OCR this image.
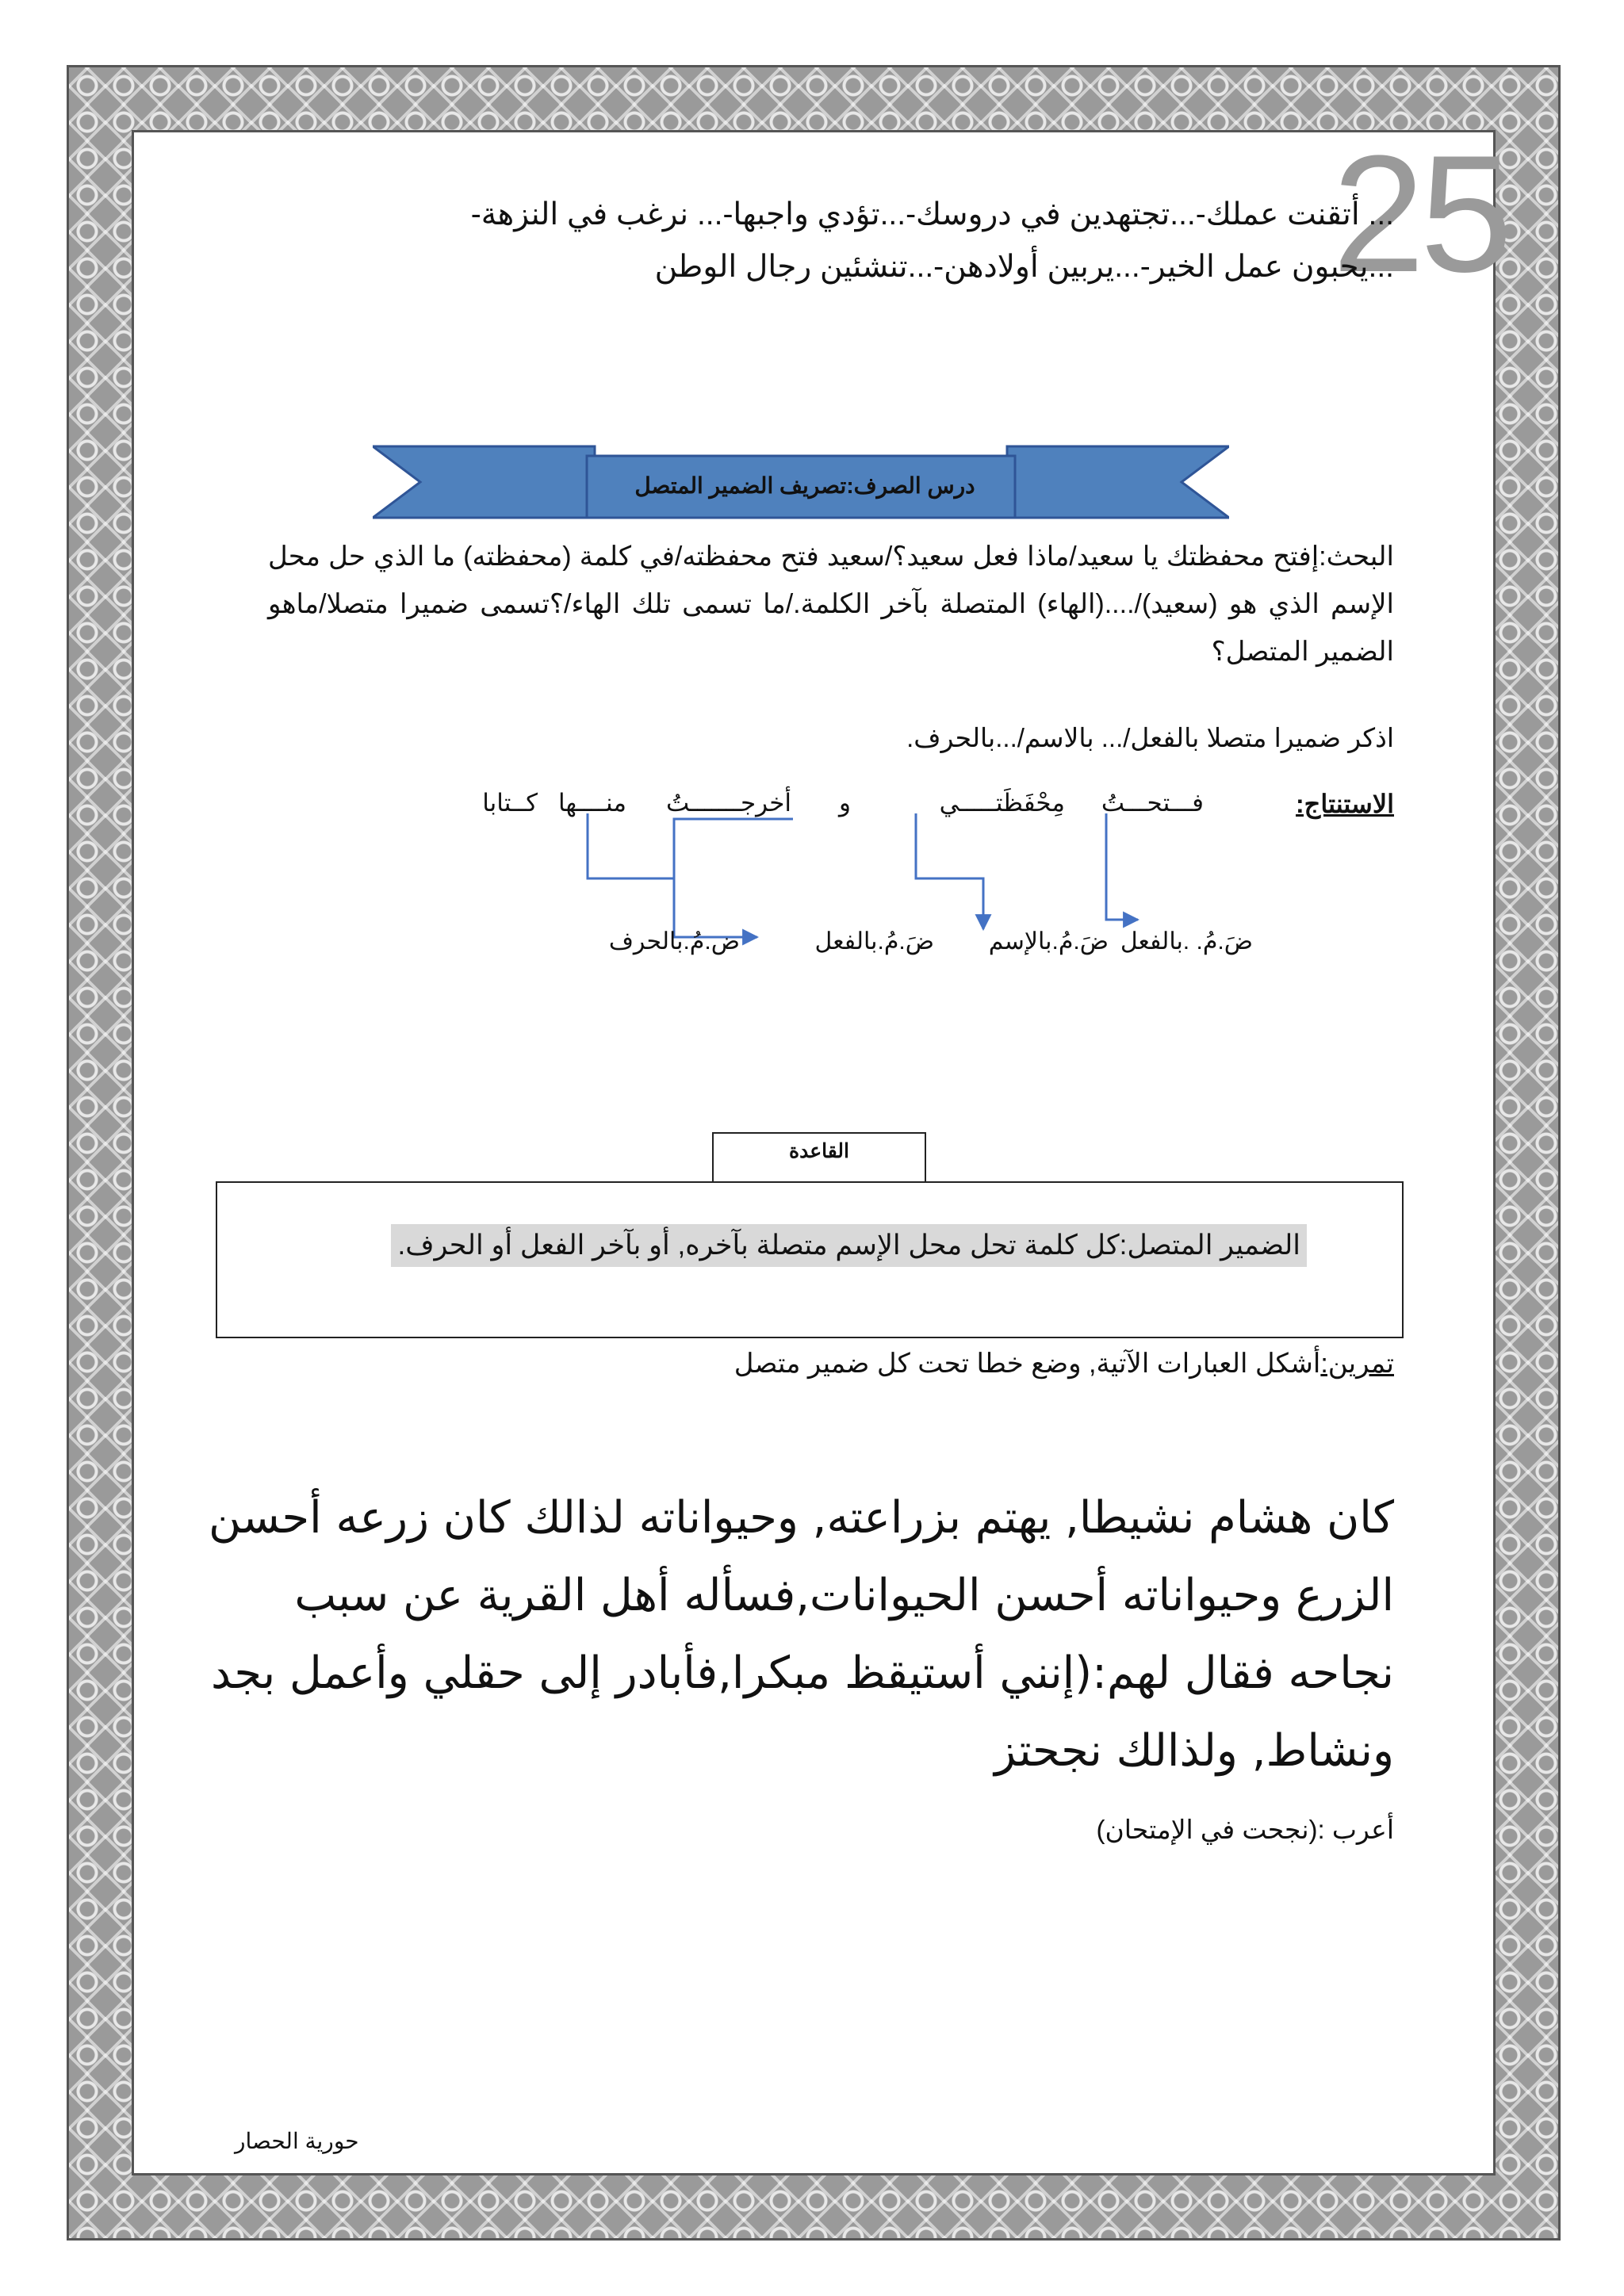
25
... أتقنت عملك-...تجتهدين في دروسك-...تؤدي واجبها-... نرغب في النزهة-
...يحبون عمل الخير-...يربين أولادهن-...تنشئين رجال الوطن
درس الصرف:تصريف الضمير المتصل
البحث:إفتح محفظتك يا سعيد/ماذا فعل سعيد؟/سعيد فتح محفظته/في كلمة (محفظته) ما الذي حل محل الإسم الذي هو (سعيد)/....(الهاء) المتصلة بآخر الكلمة./ما تسمى تلك الهاء/؟تسمى ضميرا متصلا/ماهو الضمير المتصل؟
اذكر ضميرا متصلا بالفعل/... بالاسم/...بالحرف.
الاستنتاج:
فـــتحـــتُ
مِحْفَظَتـــــي
و
أخرجـــــــتُ
منــــها
كــتابا
ضَ.مُ. .بالفعل
ضَ.مُ.بالإسم
ضَ.مُ.بالفعل
ض.مُ.بالحرف
القاعدة
الضمير المتصل:كل كلمة تحل محل الإسم متصلة بآخره, أو بآخر الفعل أو الحرف.
تمرين:أشكل العبارات الآتية, وضع خطا تحت كل ضمير متصل
كان هشام نشيطا, يهتم بزراعته, وحيواناته لذالك كان زرعه أحسن الزرع وحيواناته أحسن الحيوانات,فسأله أهل القرية عن سبب نجاحه فقال لهم:(إنني أستيقظ مبكرا,فأبادر إلى حقلي وأعمل بجد ونشاط, ولذالك نجحتز
أعرب :(نجحت في الإمتحان)
حورية الحصار
